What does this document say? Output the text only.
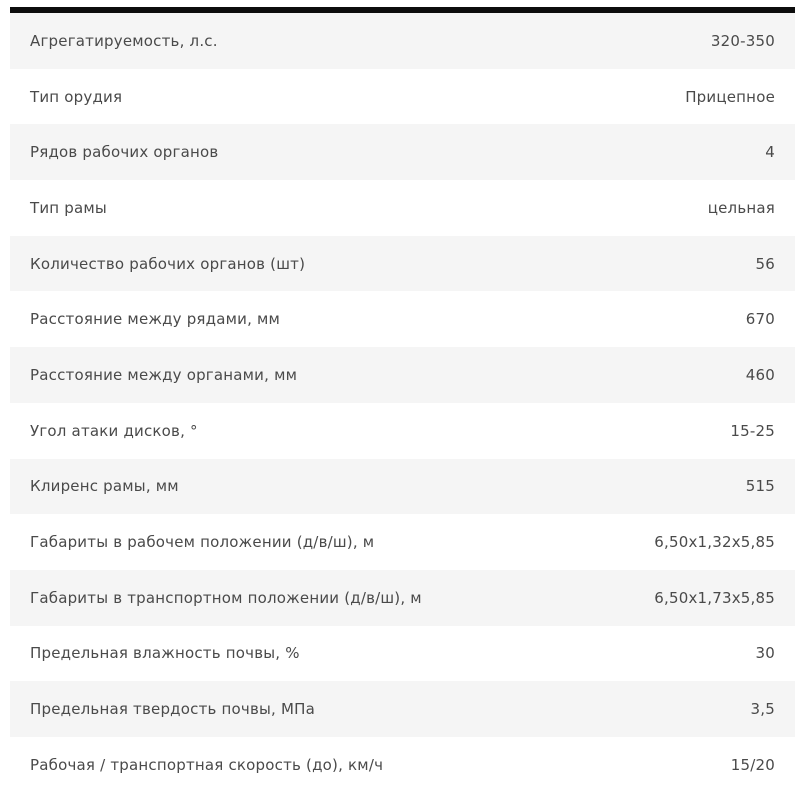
Агрегатируемость, л.с.	320-350
Тип орудия	Прицепное
Рядов рабочих органов	4
Тип рамы	цельная
Количество рабочих органов (шт)	56
Расстояние между рядами, мм	670
Расстояние между органами, мм	460
Угол атаки дисков, °	15-25
Клиренс рамы, мм	515
Габариты в рабочем положении (д/в/ш), м	6,50х1,32х5,85
Габариты в транспортном положении (д/в/ш), м	6,50х1,73х5,85
Предельная влажность почвы, %	30
Предельная твердость почвы, МПа	3,5
Рабочая / транспортная скорость (до), км/ч	15/20
